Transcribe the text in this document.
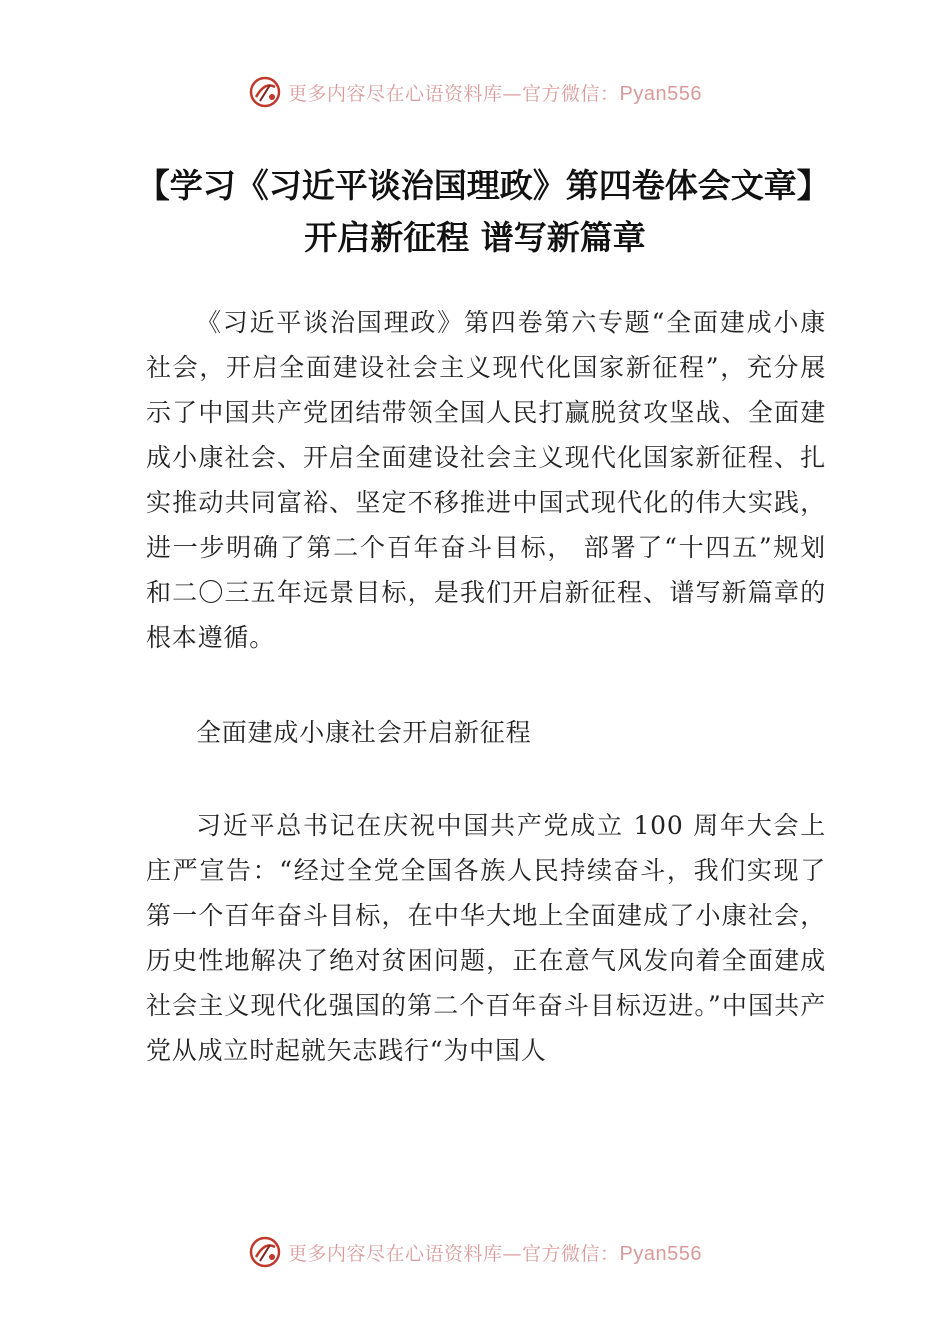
更多内容尽在心语资料库—官方微信：Pyan556
【学习《习近平谈治国理政》第四卷体会文章】开启新征程 谱写新篇章

《习近平谈治国理政》第四卷第六专题“全面建成小康社会，开启全面建设社会主义现代化国家新征程”，充分展示了中国共产党团结带领全国人民打赢脱贫攻坚战、全面建成小康社会、开启全面建设社会主义现代化国家新征程、扎实推动共同富裕、坚定不移推进中国式现代化的伟大实践，进一步明确了第二个百年奋斗目标， 部署了“十四五”规划和二〇三五年远景目标，是我们开启新征程、谱写新篇章的根本遵循。

全面建成小康社会开启新征程

习近平总书记在庆祝中国共产党成立 100 周年大会上庄严宣告：“经过全党全国各族人民持续奋斗，我们实现了第一个百年奋斗目标，在中华大地上全面建成了小康社会，历史性地解决了绝对贫困问题，正在意气风发向着全面建成社会主义现代化强国的第二个百年奋斗目标迈进。”中国共产党从成立时起就矢志践行“为中国人

更多内容尽在心语资料库—官方微信：Pyan556
